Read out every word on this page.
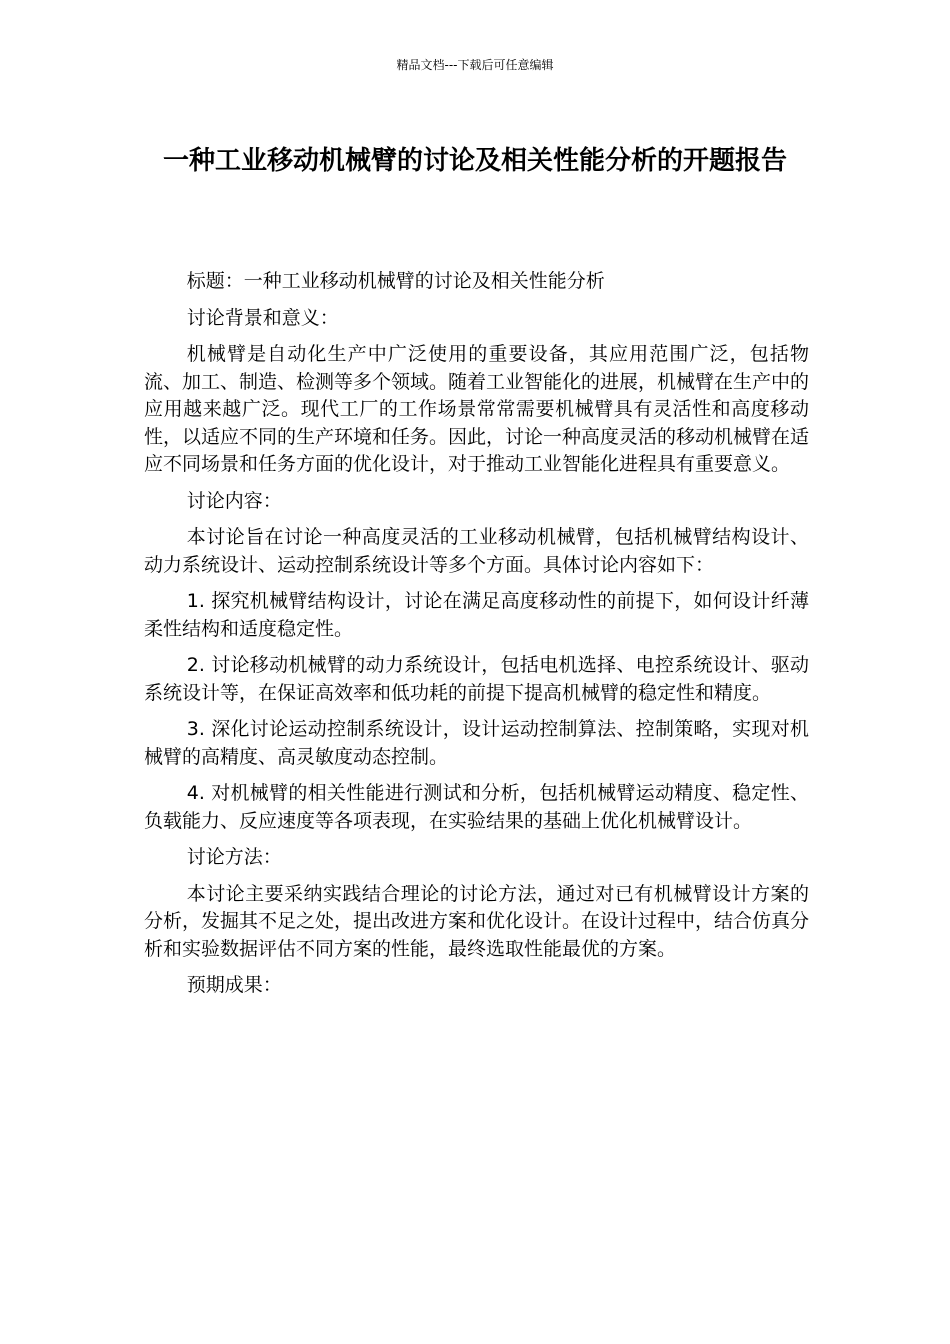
精品文档---下载后可任意编辑
一种工业移动机械臂的讨论及相关性能分析的开题报告

标题：一种工业移动机械臂的讨论及相关性能分析

讨论背景和意义：

机械臂是自动化生产中广泛使用的重要设备，其应用范围广泛，包括物流、加工、制造、检测等多个领域。随着工业智能化的进展，机械臂在生产中的应用越来越广泛。现代工厂的工作场景常常需要机械臂具有灵活性和高度移动性，以适应不同的生产环境和任务。因此，讨论一种高度灵活的移动机械臂在适应不同场景和任务方面的优化设计，对于推动工业智能化进程具有重要意义。

讨论内容：

本讨论旨在讨论一种高度灵活的工业移动机械臂，包括机械臂结构设计、动力系统设计、运动控制系统设计等多个方面。具体讨论内容如下：

1. 探究机械臂结构设计，讨论在满足高度移动性的前提下，如何设计纤薄柔性结构和适度稳定性。

2. 讨论移动机械臂的动力系统设计，包括电机选择、电控系统设计、驱动系统设计等，在保证高效率和低功耗的前提下提高机械臂的稳定性和精度。

3. 深化讨论运动控制系统设计，设计运动控制算法、控制策略，实现对机械臂的高精度、高灵敏度动态控制。

4. 对机械臂的相关性能进行测试和分析，包括机械臂运动精度、稳定性、负载能力、反应速度等各项表现，在实验结果的基础上优化机械臂设计。

讨论方法：

本讨论主要采纳实践结合理论的讨论方法，通过对已有机械臂设计方案的分析，发掘其不足之处，提出改进方案和优化设计。在设计过程中，结合仿真分析和实验数据评估不同方案的性能，最终选取性能最优的方案。

预期成果：
